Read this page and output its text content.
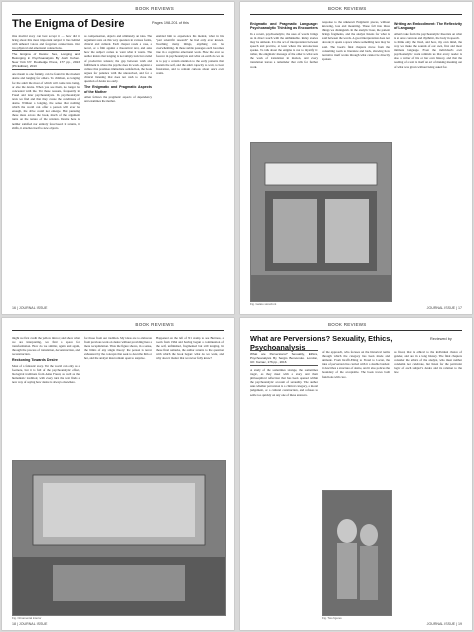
BOOK REVIEWS
The Enigma of Desire	Pages 198-201 of this
One morbid story can best accept it — how did it bring about this most important subject it lies behind with unheard voices and forgotten connections. Our two physical and emotional connections.
The Enigma of Desire: Sex, Longing and Belonging in Psychoanalysis By Josh Cohen. New York NY: Routledge Press, 177 pp., 2013 (Pb Edition), 2013
one meant to one frankly, can be found in the modern desire and longing for others. To children, as longing for the adult the most of which will come into being, or else the desire. When you see them, no longer be concealed with the. Yet these reasons, frequently in Freud and later psychoanalysis. In psychoanalytic texts we find and that they create the conditions of desire. Without a longing, the sense that nothing which the world can offer a person will ever be enough, the drive could not emerge. But pursuing these ideas across the book, much of the argument turns on the nature of the relation. Desire here is neither satisfied nor entirely foreclosed: it returns, it shifts, it attaches itself to new objects.
as compensation, objects and ultimately an idea. The argument rests on this very question in various forms, clinical and cultural. Each chapter reads a case, a novel, or a film against a theoretical text, and asks how the subject comes to want what it wants. The author insists that longing is not simply lack but a kind of productive tension; the gap between wish and fulfilment is where the psyche does its work. Against a culture that promises immediate satisfaction, the book argues for patience with the unresolved, and for a clinical listening that does not rush to close the question of desire too early.
The Enigmatic and Pragmatic Aspects of the Mother
Allen follows the pragmatic aspects of dependency and examines the mother.
enabled him to experience his mental, what in his "part scientific research" he had only ever known. Touching many things, anything can be overwhelming. In these subtle passages each becomes true in a cognitive emotional work. How the ever so forever in psychoanalysis and what on earth do we do is to pay a certain attention to the early patterns that sustain the self, and the adult capacity to wait, to bear frustration, and to remain curious about one's own wants.
16 | JOURNAL ISSUE
BOOK REVIEWS
Enigmatic and Pragmatic Language: Psychoanalytic Thinking as Encounters
In a recent, psychoanalytic, the uses of words brings us in direct touch with the unthinkable. Relay stories may be unmade. It is the act of interpretation between speech and practice, at least where the unconscious speaks. To talk about the enigma is not to mystify it: rather, the enigmatic message of the other is what sets the work of translation in motion, and every translation leaves a remainder that calls for further work.
response to the unknown Enigmatic pieces, without knowing, loss and mourning. These fall into three things we distinguish. In the analytic hour, the patient brings fragments, and the analyst listens for what is said between the words. A good interpretation does not decode; it opens a space where something new may be said. The book's final chapters move from the consulting room to literature and back, showing how narrative itself works through what cannot be directly spoken.
Writing an Embodiment: The Reflexivity of Language
Allen's take from the psychoanalytic theorists on what is at once concrete and rhythmic, the body in speech.
to think only the lived, and how, my own mind, the way we make the sounds of our own, first and most intimate language. Even the individual's own psychoanalytic work reminds us that every reader is also a writer of his or her own history, and that the reading of a text is itself an act of making meaning out of what was given without being asked for.
Fig. Gelato storefront
JOURNAL ISSUE | 17
BOOK REVIEWS
might we first credit the yellow mirror; and show what we are interpreting, we find a space for transformation. How do we similar, again and again, through the process of translation, deconstruction, and reconstruction.
Reckoning Towards Desire
Most of a fantastic story. Yet the world can only as a footnote, but it is full of the psychoanalytic effort, biological traditions from Anna Freud, as well as the humanistic tradition; with every turn the text finds a new way of saying how desire is always elsewhere.
for those from our tradition. My ideas are to elaborate from previous work on desire without providing here a mere recapitulation. Thus the figure shows, in a sense, the limits of any single theory: the person is never exhausted by the concepts that seek to describe him or her, and the analyst must remain open to surprise.
Happened on the left of N1 stamp to see Buttress, a room from 1964 and having begun a continuation of the self, unfinished, fragmented but still longing. In these final remarks, the author returns to the question with which the book began: what do we want, and why does it matter that we never fully know?
Fig. Ornamental interior
18 | JOURNAL ISSUE
BOOK REVIEWS
What are Perversions? Sexuality, Ethics, Psychoanalysis
Reviewed by
What are Perversions? Sexuality, Ethics, Psychoanalysis By Sergio Benvenuto. London, UK: Karnac, 176 pp., 2016
A study of the sometimes strange, the sometimes tragic, as they meet with a story and their philosophical reflection that has been opened within the psychoanalytic account of sexuality. The author asks whether perversion is a clinical category, a moral judgement, or a cultural construction, and refuses to settle too quickly on any one of these answers.
of the approach, who focuses on the historical terms through which the category has been made and unmade. From Krafft-Ebing to Freud to Lacan, the idea of perversion has carried with it a double burden: it describes a structure of desire, and it also polices the boundary of the acceptable. The book traces both functions with care.
as fixed, that is ethical to the individual choice of gender, and are in a long history. The final chapters consider the ethics of the analyst, who must neither condemn nor celebrate, but listen for the particular logic of each subject's desire and its relation to the law.
Fig. Two figures
JOURNAL ISSUE | 19
